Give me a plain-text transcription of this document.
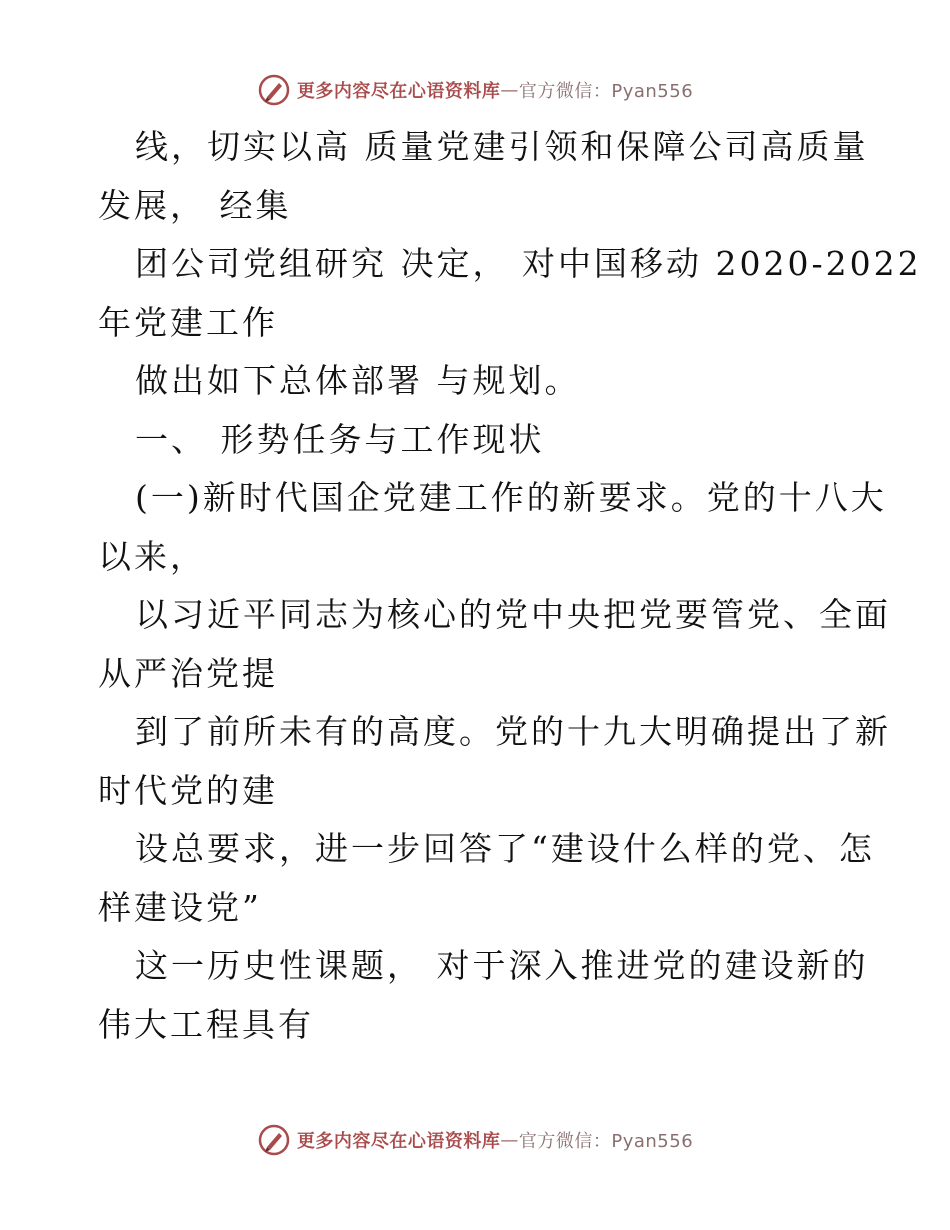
更多内容尽在心语资料库 — 官方微信：Pyan556
线，切实以高 质量党建引领和保障公司高质量
发展， 经集
团公司党组研究 决定， 对中国移动 2020-2022
年党建工作
做出如下总体部署 与规划。
一、 形势任务与工作现状
(一)新时代国企党建工作的新要求。党的十八大
以来，
以习近平同志为核心的党中央把党要管党、全面
从严治党提
到了前所未有的高度。党的十九大明确提出了新
时代党的建
设总要求，进一步回答了“建设什么样的党、怎
样建设党”
这一历史性课题， 对于深入推进党的建设新的
伟大工程具有
更多内容尽在心语资料库 — 官方微信：Pyan556
